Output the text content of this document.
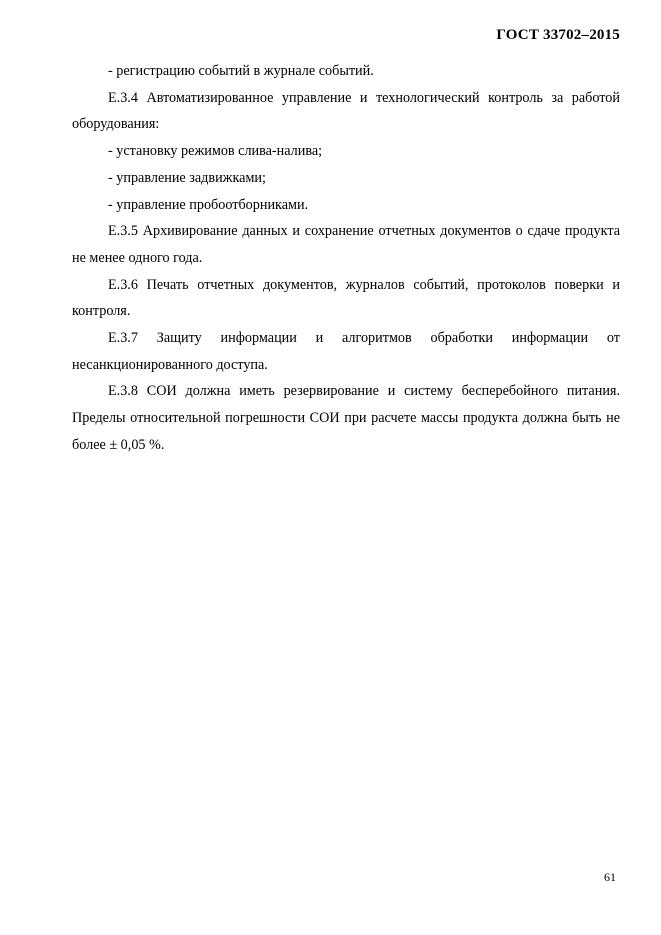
ГОСТ 33702–2015

- регистрацию событий в журнале событий.

Е.3.4 Автоматизированное управление и технологический контроль за работой оборудования:

- установку режимов слива-налива;

- управление задвижками;

- управление пробоотборниками.

Е.3.5 Архивирование данных и сохранение отчетных документов о сдаче продукта не менее одного года.

Е.3.6 Печать отчетных документов, журналов событий, протоколов поверки и контроля.

Е.3.7 Защиту информации и алгоритмов обработки информации от несанкционированного доступа.

Е.3.8 СОИ должна иметь резервирование и систему бесперебойного питания. Пределы относительной погрешности СОИ при расчете массы продукта должна быть не более ± 0,05 %.

61
